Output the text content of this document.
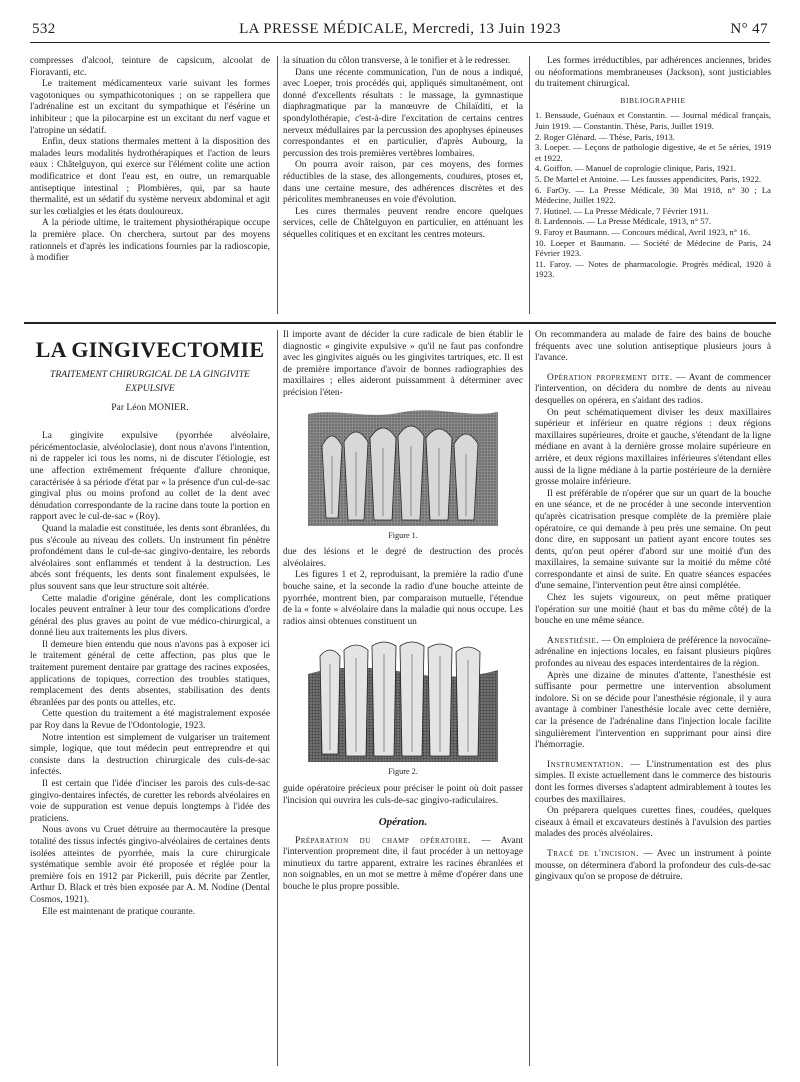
532	LA PRESSE MÉDICALE, Mercredi, 13 Juin 1923	N° 47

compresses d'alcool, teinture de capsicum, alcoolat de Fioravanti, etc.

Le traitement médicamenteux varie suivant les formes vagotoniques ou sympathicotoniques ; on se rappellera que l'adrénaline est un excitant du sympathique et l'ésérine un inhibiteur ; que la pilocarpine est un excitant du nerf vague et l'atropine un sédatif.

Enfin, deux stations thermales mettent à la disposition des malades leurs modalités hydrothérapiques et l'action de leurs eaux : Châtelguyon, qui exerce sur l'élément colite une action modificatrice et dont l'eau est, en outre, un remarquable antiseptique intestinal ; Plombières, qui, par sa haute thermalité, est un sédatif du système nerveux abdominal et agit sur les cœlialgies et les états douloureux.

A la période ultime, le traitement physiothérapique occupe la première place. On cherchera, surtout par des moyens rationnels et d'après les indications fournies par la radioscopie, à modifier

la situation du côlon transverse, à le tonifier et à le redresser.

Dans une récente communication, l'un de nous a indiqué, avec Loeper, trois procédés qui, appliqués simultanément, ont donné d'excellents résultats : le massage, la gymnastique diaphragmatique par la manœuvre de Chilaïditi, et la spondylothérapie, c'est-à-dire l'excitation de certains centres nerveux médullaires par la percussion des apophyses épineuses correspondantes et en particulier, d'après Aubourg, la percussion des trois premières vertèbres lombaires.

On pourra avoir raison, par ces moyens, des formes réductibles de la stase, des allongements, coudures, ptoses et, dans une certaine mesure, des adhérences discrètes et des péricolites membraneuses en voie d'évolution.

Les cures thermales peuvent rendre encore quelques services, celle de Châtelguyon en particulier, en atténuant les séquelles colitiques et en excitant les centres moteurs.

Les formes irréductibles, par adhérences anciennes, brides ou néoformations membraneuses (Jackson), sont justiciables du traitement chirurgical.

BIBLIOGRAPHIE

1. Bensaude, Guénaux et Constantin. — Journal médical français, Juin 1919. — Constantin. Thèse, Paris, Juillet 1919.

2. Roger Glénard. — Thèse, Paris, 1913.

3. Loeper. — Leçons de pathologie digestive, 4e et 5e séries, 1919 et 1922.

4. Goiffon. — Manuel de coprologie clinique, Paris, 1921.

5. De Martel et Antoine. — Les fausses appendicites, Paris, 1922.

6. FarOy. — La Presse Médicale, 30 Mai 1918, n° 30 ; La Médecine, Juillet 1922.

7. Hutinel. — La Presse Médicale, 7 Février 1911.

8. Lardennois. — La Presse Médicale, 1913, n° 57.

9. Faroy et Baumann. — Concours médical, Avril 1923, n° 16.

10. Loeper et Baumann. — Société de Médecine de Paris, 24 Février 1923.

11. Faroy. — Notes de pharmacologie. Progrès médical, 1920 à 1923.

LA GINGIVECTOMIE
TRAITEMENT CHIRURGICAL DE LA GINGIVITE EXPULSIVE
Par Léon MONIER.

La gingivite expulsive (pyorrhée alvéolaire, péricémentoclasie, alvéoloclasie), dont nous n'avons l'intention, ni de rappeler ici tous les noms, ni de discuter l'étiologie, est une affection extrêmement fréquente d'allure chronique, caractérisée à sa période d'état par « la présence d'un cul-de-sac gingival plus ou moins profond au collet de la dent avec dénudation correspondante de la racine dans toute la portion en rapport avec le cul-de-sac » (Roy).

Quand la maladie est constituée, les dents sont ébranlées, du pus s'écoule au niveau des collets. Un instrument fin pénètre profondément dans le cul-de-sac gingivo-dentaire, les rebords alvéolaires sont enflammés et tendent à la destruction. Les abcès sont fréquents, les dents sont finalement expulsées, le plus souvent sans que leur structure soit altérée.

Cette maladie d'origine générale, dont les complications locales peuvent entraîner à leur tour des complications d'ordre général des plus graves au point de vue médico-chirurgical, a donné lieu aux traitements les plus divers.

Il demeure bien entendu que nous n'avons pas à exposer ici le traitement général de cette affection, pas plus que le traitement purement dentaire par grattage des racines exposées, applications de topiques, correction des troubles statiques, remplacement des dents absentes, stabilisation des dents ébranlées par des ponts ou attelles, etc.

Cette question du traitement a été magistralement exposée par Roy dans la Revue de l'Odontologie, 1923.

Notre intention est simplement de vulgariser un traitement simple, logique, que tout médecin peut entreprendre et qui consiste dans la destruction chirurgicale des culs-de-sac infectés.

Il est certain que l'idée d'inciser les parois des culs-de-sac gingivo-dentaires infectés, de curetter les rebords alvéolaires en voie de suppuration est venue depuis longtemps à l'idée des praticiens.

Nous avons vu Cruet détruire au thermocautère la presque totalité des tissus infectés gingivo-alvéolaires de certaines dents isolées atteintes de pyorrhée, mais la cure chirurgicale systématique semble avoir été proposée et réglée pour la première fois en 1912 par Pickerill, puis décrite par Zentler, Arthur D. Black et très bien exposée par A. M. Nodine (Dental Cosmos, 1921).

Elle est maintenant de pratique courante.

Il importe avant de décider la cure radicale de bien établir le diagnostic « gingivite expulsive » qu'il ne faut pas confondre avec les gingivites aiguës ou les gingivites tartriques, etc. Il est de première importance d'avoir de bonnes radiographies des maxillaires ; elles aideront puissamment à déterminer avec précision l'éten-

Figure 1.

due des lésions et le degré de destruction des procès alvéolaires.

Les figures 1 et 2, reproduisant, la première la radio d'une bouche saine, et la seconde la radio d'une bouche atteinte de pyorrhée, montrent bien, par comparaison mutuelle, l'étendue de la « fonte » alvéolaire dans la maladie qui nous occupe. Les radios ainsi obtenues constituent un

Figure 2.

guide opératoire précieux pour préciser le point où doit passer l'incision qui ouvrira les culs-de-sac gingivo-radiculaires.

Opération.

Préparation du champ opératoire. — Avant l'intervention proprement dite, il faut procéder à un nettoyage minutieux du tartre apparent, extraire les racines ébranlées et non soignables, en un mot se mettre à même d'opérer dans une bouche le plus propre possible.

On recommandera au malade de faire des bains de bouche fréquents avec une solution antiseptique plusieurs jours à l'avance.

Opération proprement dite. — Avant de commencer l'intervention, on décidera du nombre de dents au niveau desquelles on opérera, en s'aidant des radios.

On peut schématiquement diviser les deux maxillaires supérieur et inférieur en quatre régions : deux régions maxillaires supérieures, droite et gauche, s'étendant de la ligne médiane en avant à la dernière grosse molaire supérieure en arrière, et deux régions maxillaires inférieures s'étendant elles aussi de la ligne médiane à la partie postérieure de la dernière grosse molaire inférieure.

Il est préférable de n'opérer que sur un quart de la bouche en une séance, et de ne procéder à une seconde intervention qu'après cicatrisation presque complète de la première plaie opératoire, ce qui demande à peu près une semaine. On peut donc dire, en supposant un patient ayant encore toutes ses dents, qu'on peut opérer d'abord sur une moitié d'un des maxillaires, la semaine suivante sur la moitié du même côté correspondante et ainsi de suite. En quatre séances espacées d'une semaine, l'intervention peut être ainsi complétée.

Chez les sujets vigoureux, on peut même pratiquer l'opération sur une moitié (haut et bas du même côté) de la bouche en une même séance.

Anesthésie. — On emploiera de préférence la novocaïne-adrénaline en injections locales, en faisant plusieurs piqûres profondes au niveau des espaces interdentaires de la région.

Après une dizaine de minutes d'attente, l'anesthésie est suffisante pour permettre une intervention absolument indolore. Si on se décide pour l'anesthésie régionale, il y aura avantage à combiner l'anesthésie locale avec cette dernière, car la présence de l'adrénaline dans l'injection locale facilite singulièrement l'intervention en supprimant pour ainsi dire l'hémorragie.

Instrumentation. — L'instrumentation est des plus simples. Il existe actuellement dans le commerce des bistouris dont les formes diverses s'adaptent admirablement à toutes les courbes des maxillaires.

On préparera quelques curettes fines, coudées, quelques ciseaux à émail et excavateurs destinés à l'avulsion des parties malades des procès alvéolaires.

Tracé de l'incision. — Avec un instrument à pointe mousse, on déterminera d'abord la profondeur des culs-de-sac gingivaux qu'on se propose de détruire.
